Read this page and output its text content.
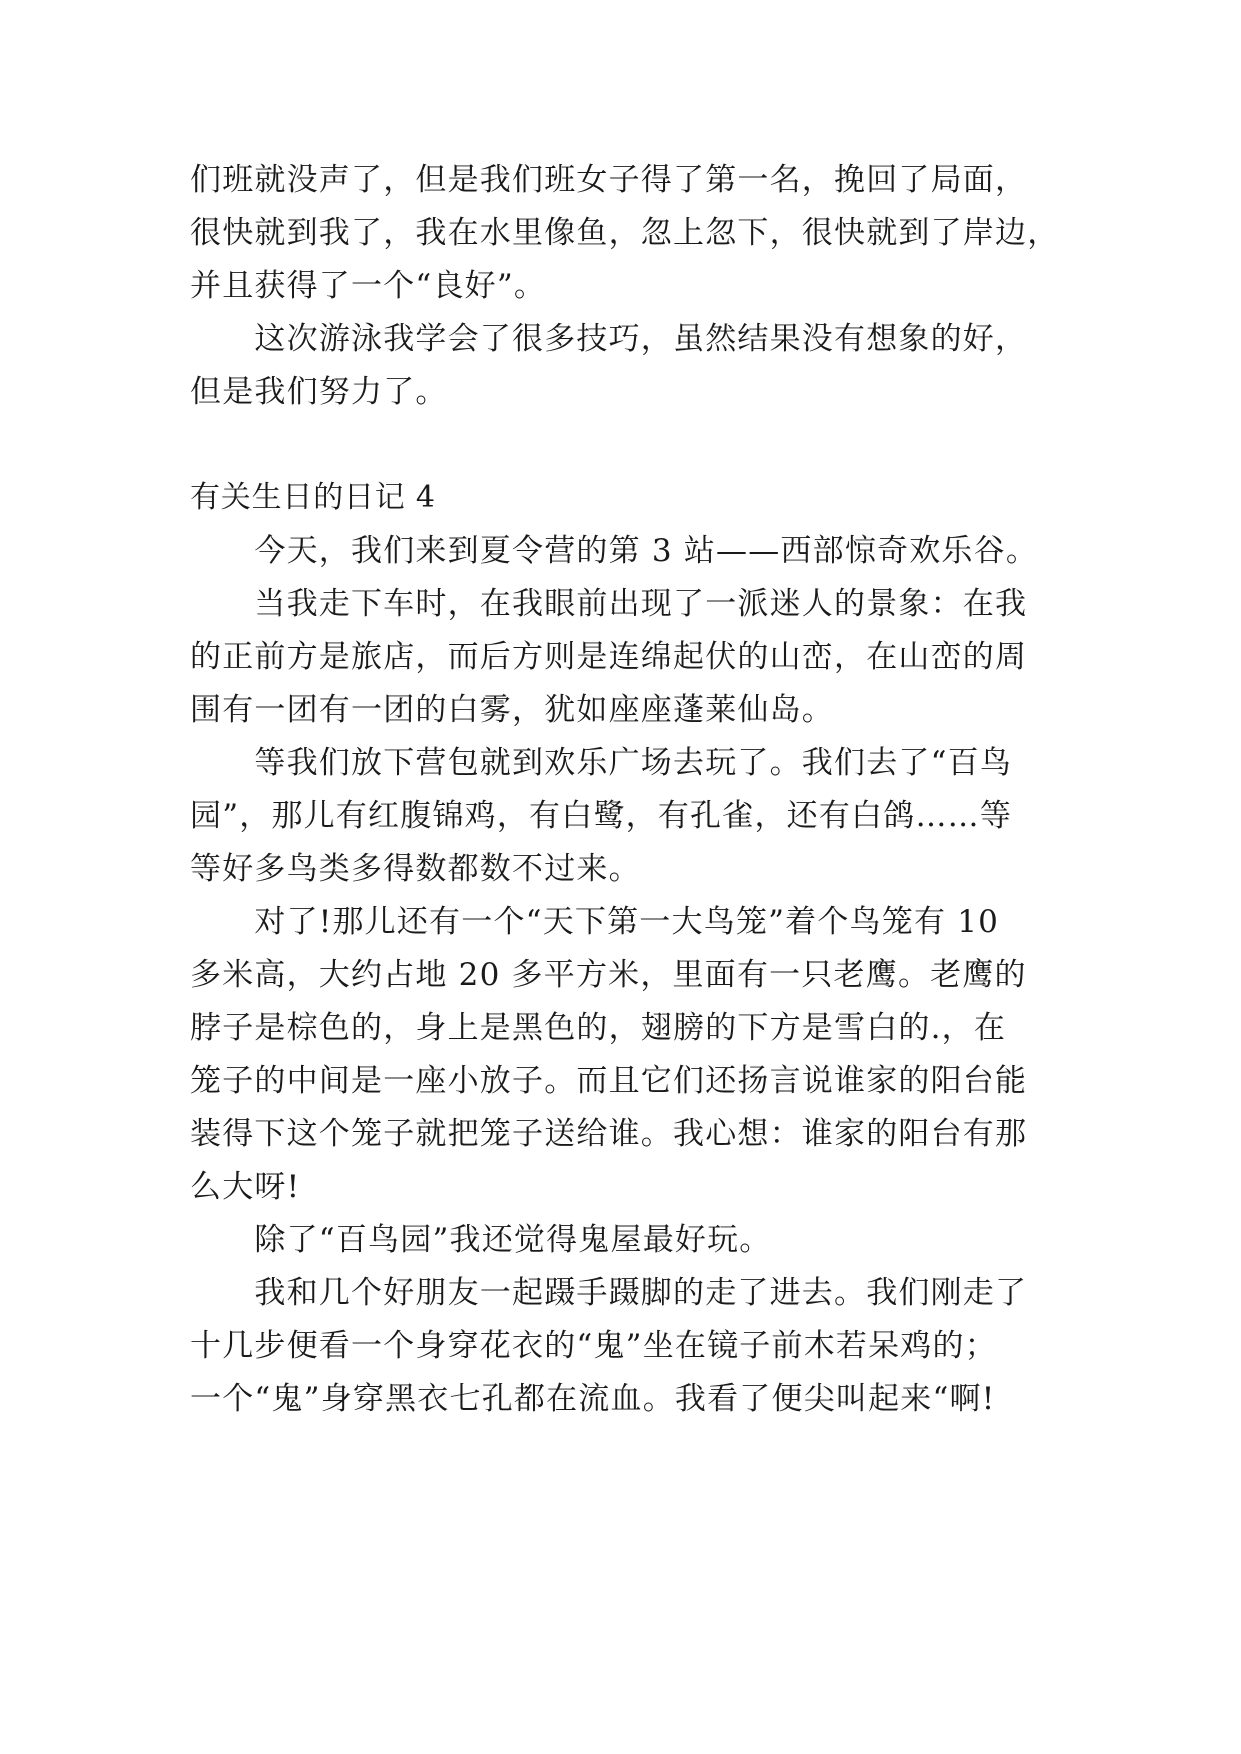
们班就没声了，但是我们班女子得了第一名，挽回了局面，
很快就到我了，我在水里像鱼，忽上忽下，很快就到了岸边，
并且获得了一个“良好”。
　　这次游泳我学会了很多技巧，虽然结果没有想象的好，
但是我们努力了。
有关生日的日记 4
　　今天，我们来到夏令营的第 3 站——西部惊奇欢乐谷。
　　当我走下车时，在我眼前出现了一派迷人的景象：在我
的正前方是旅店，而后方则是连绵起伏的山峦，在山峦的周
围有一团有一团的白雾，犹如座座蓬莱仙岛。
　　等我们放下营包就到欢乐广场去玩了。我们去了“百鸟
园”，那儿有红腹锦鸡，有白鹭，有孔雀，还有白鸽……等
等好多鸟类多得数都数不过来。
　　对了!那儿还有一个“天下第一大鸟笼”着个鸟笼有 10
多米高，大约占地 20 多平方米，里面有一只老鹰。老鹰的
脖子是棕色的，身上是黑色的，翅膀的下方是雪白的.，在
笼子的中间是一座小放子。而且它们还扬言说谁家的阳台能
装得下这个笼子就把笼子送给谁。我心想：谁家的阳台有那
么大呀!
　　除了“百鸟园”我还觉得鬼屋最好玩。
　　我和几个好朋友一起蹑手蹑脚的走了进去。我们刚走了
十几步便看一个身穿花衣的“鬼”坐在镜子前木若呆鸡的；
一个“鬼”身穿黑衣七孔都在流血。我看了便尖叫起来“啊!
